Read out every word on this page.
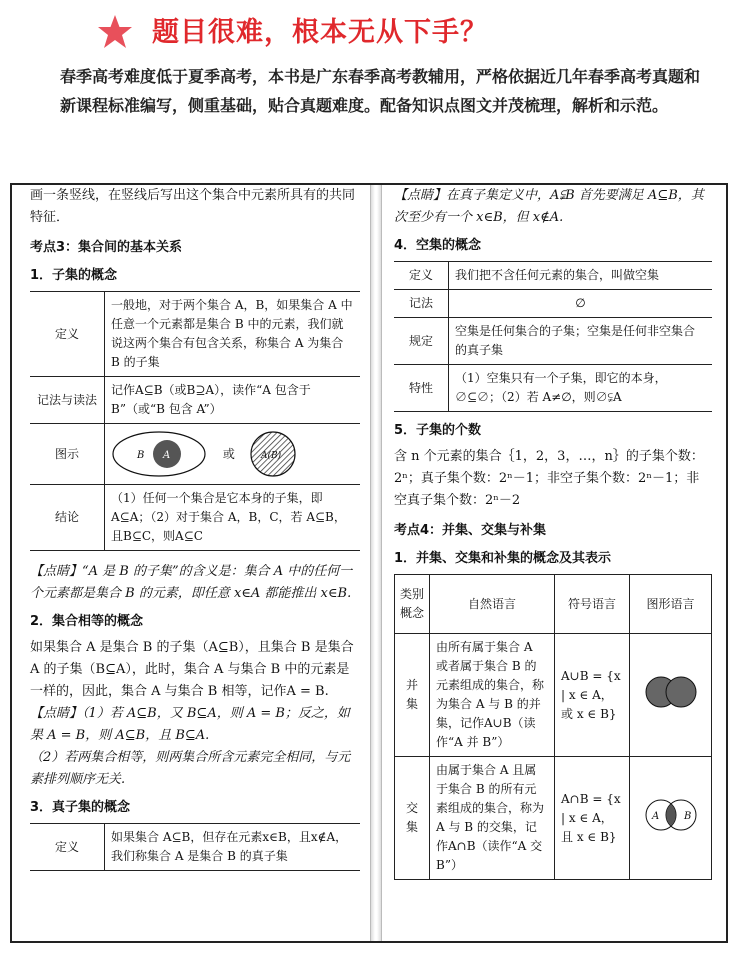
题目很难，根本无从下手？
春季高考难度低于夏季高考，本书是广东春季高考教辅用，严格依据近几年春季高考真题和新课程标准编写，侧重基础，贴合真题难度。配备知识点图文并茂梳理，解析和示范。

画一条竖线，在竖线后写出这个集合中元素所具有的共同特征．

考点3：集合间的基本关系
1．子集的概念
定义	一般地，对于两个集合 A，B，如果集合 A 中任意一个元素都是集合 B 中的元素，我们就说这两个集合有包含关系，称集合 A 为集合 B 的子集
记法与读法	记作A⊆B（或B⊇A），读作“A 包含于 B”（或“B 包含 A”）
图示	B A 或 A(B)

结论	（1）任何一个集合是它本身的子集，即A⊆A；（2）对于集合 A，B，C，若 A⊆B，且B⊆C，则A⊆C

【点睛】“A 是 B 的子集”的含义是：集合 A 中的任何一个元素都是集合 B 的元素，即任意 x∈A 都能推出 x∈B.

2．集合相等的概念

如果集合 A 是集合 B 的子集（A⊆B），且集合 B 是集合 A 的子集（B⊆A），此时，集合 A 与集合 B 中的元素是一样的，因此，集合 A 与集合 B 相等，记作A = B.

【点睛】（1）若 A⊆B，又 B⊆A，则 A = B；反之，如果 A = B，则 A⊆B，且 B⊆A.

（2）若两集合相等，则两集合所含元素完全相同，与元素排列顺序无关.

3．真子集的概念
定义	如果集合 A⊆B，但存在元素x∈B，且x∉A，我们称集合 A 是集合 B 的真子集

【点睛】在真子集定义中，A⫋B 首先要满足 A⊆B，其次至少有一个 x∈B，但 x∉A.

4．空集的概念
定义	我们把不含任何元素的集合，叫做空集
记法	∅
规定	空集是任何集合的子集；空集是任何非空集合的真子集
特性	（1）空集只有一个子集，即它的本身，∅⊆∅；（2）若 A≠∅，则∅⫋A
5．子集的个数

含 n 个元素的集合｛1，2，3，…，n｝的子集个数：2ⁿ；真子集个数：2ⁿ－1；非空子集个数：2ⁿ－1；非空真子集个数：2ⁿ－2

考点4：并集、交集与补集
1．并集、交集和补集的概念及其表示
类别概念	自然语言	符号语言	图形语言
并集	由所有属于集合 A 或者属于集合 B 的元素组成的集合，称为集合 A 与 B 的并集，记作A∪B（读作“A 并 B”）	A∪B = {x | x ∈ A，或 x ∈ B}	
交集	由属于集合 A 且属于集合 B 的所有元素组成的集合，称为 A 与 B 的交集，记作A∩B（读作“A 交 B”）	A∩B = {x | x ∈ A，且 x ∈ B}	A B
